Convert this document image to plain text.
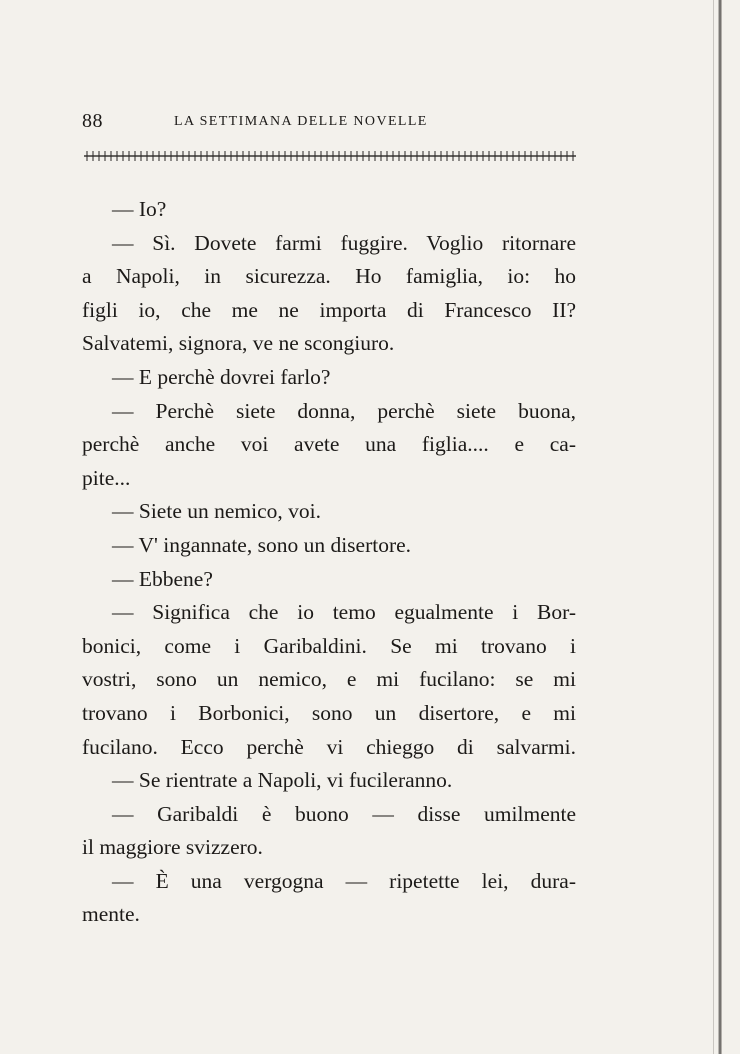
88	LA SETTIMANA DELLE NOVELLE
— Io?
— Sì. Dovete farmi fuggire. Voglio ritornare
a Napoli, in sicurezza. Ho famiglia, io: ho
figli io, che me ne importa di Francesco II?
Salvatemi, signora, ve ne scongiuro.
— E perchè dovrei farlo?
— Perchè siete donna, perchè siete buona,
perchè anche voi avete una figlia.... e ca-
pite...
— Siete un nemico, voi.
— V' ingannate, sono un disertore.
— Ebbene?
— Significa che io temo egualmente i Bor-
bonici, come i Garibaldini. Se mi trovano i
vostri, sono un nemico, e mi fucilano: se mi
trovano i Borbonici, sono un disertore, e mi
fucilano. Ecco perchè vi chieggo di salvarmi.
— Se rientrate a Napoli, vi fucileranno.
— Garibaldi è buono — disse umilmente
il maggiore svizzero.
— È una vergogna — ripetette lei, dura-
mente.
